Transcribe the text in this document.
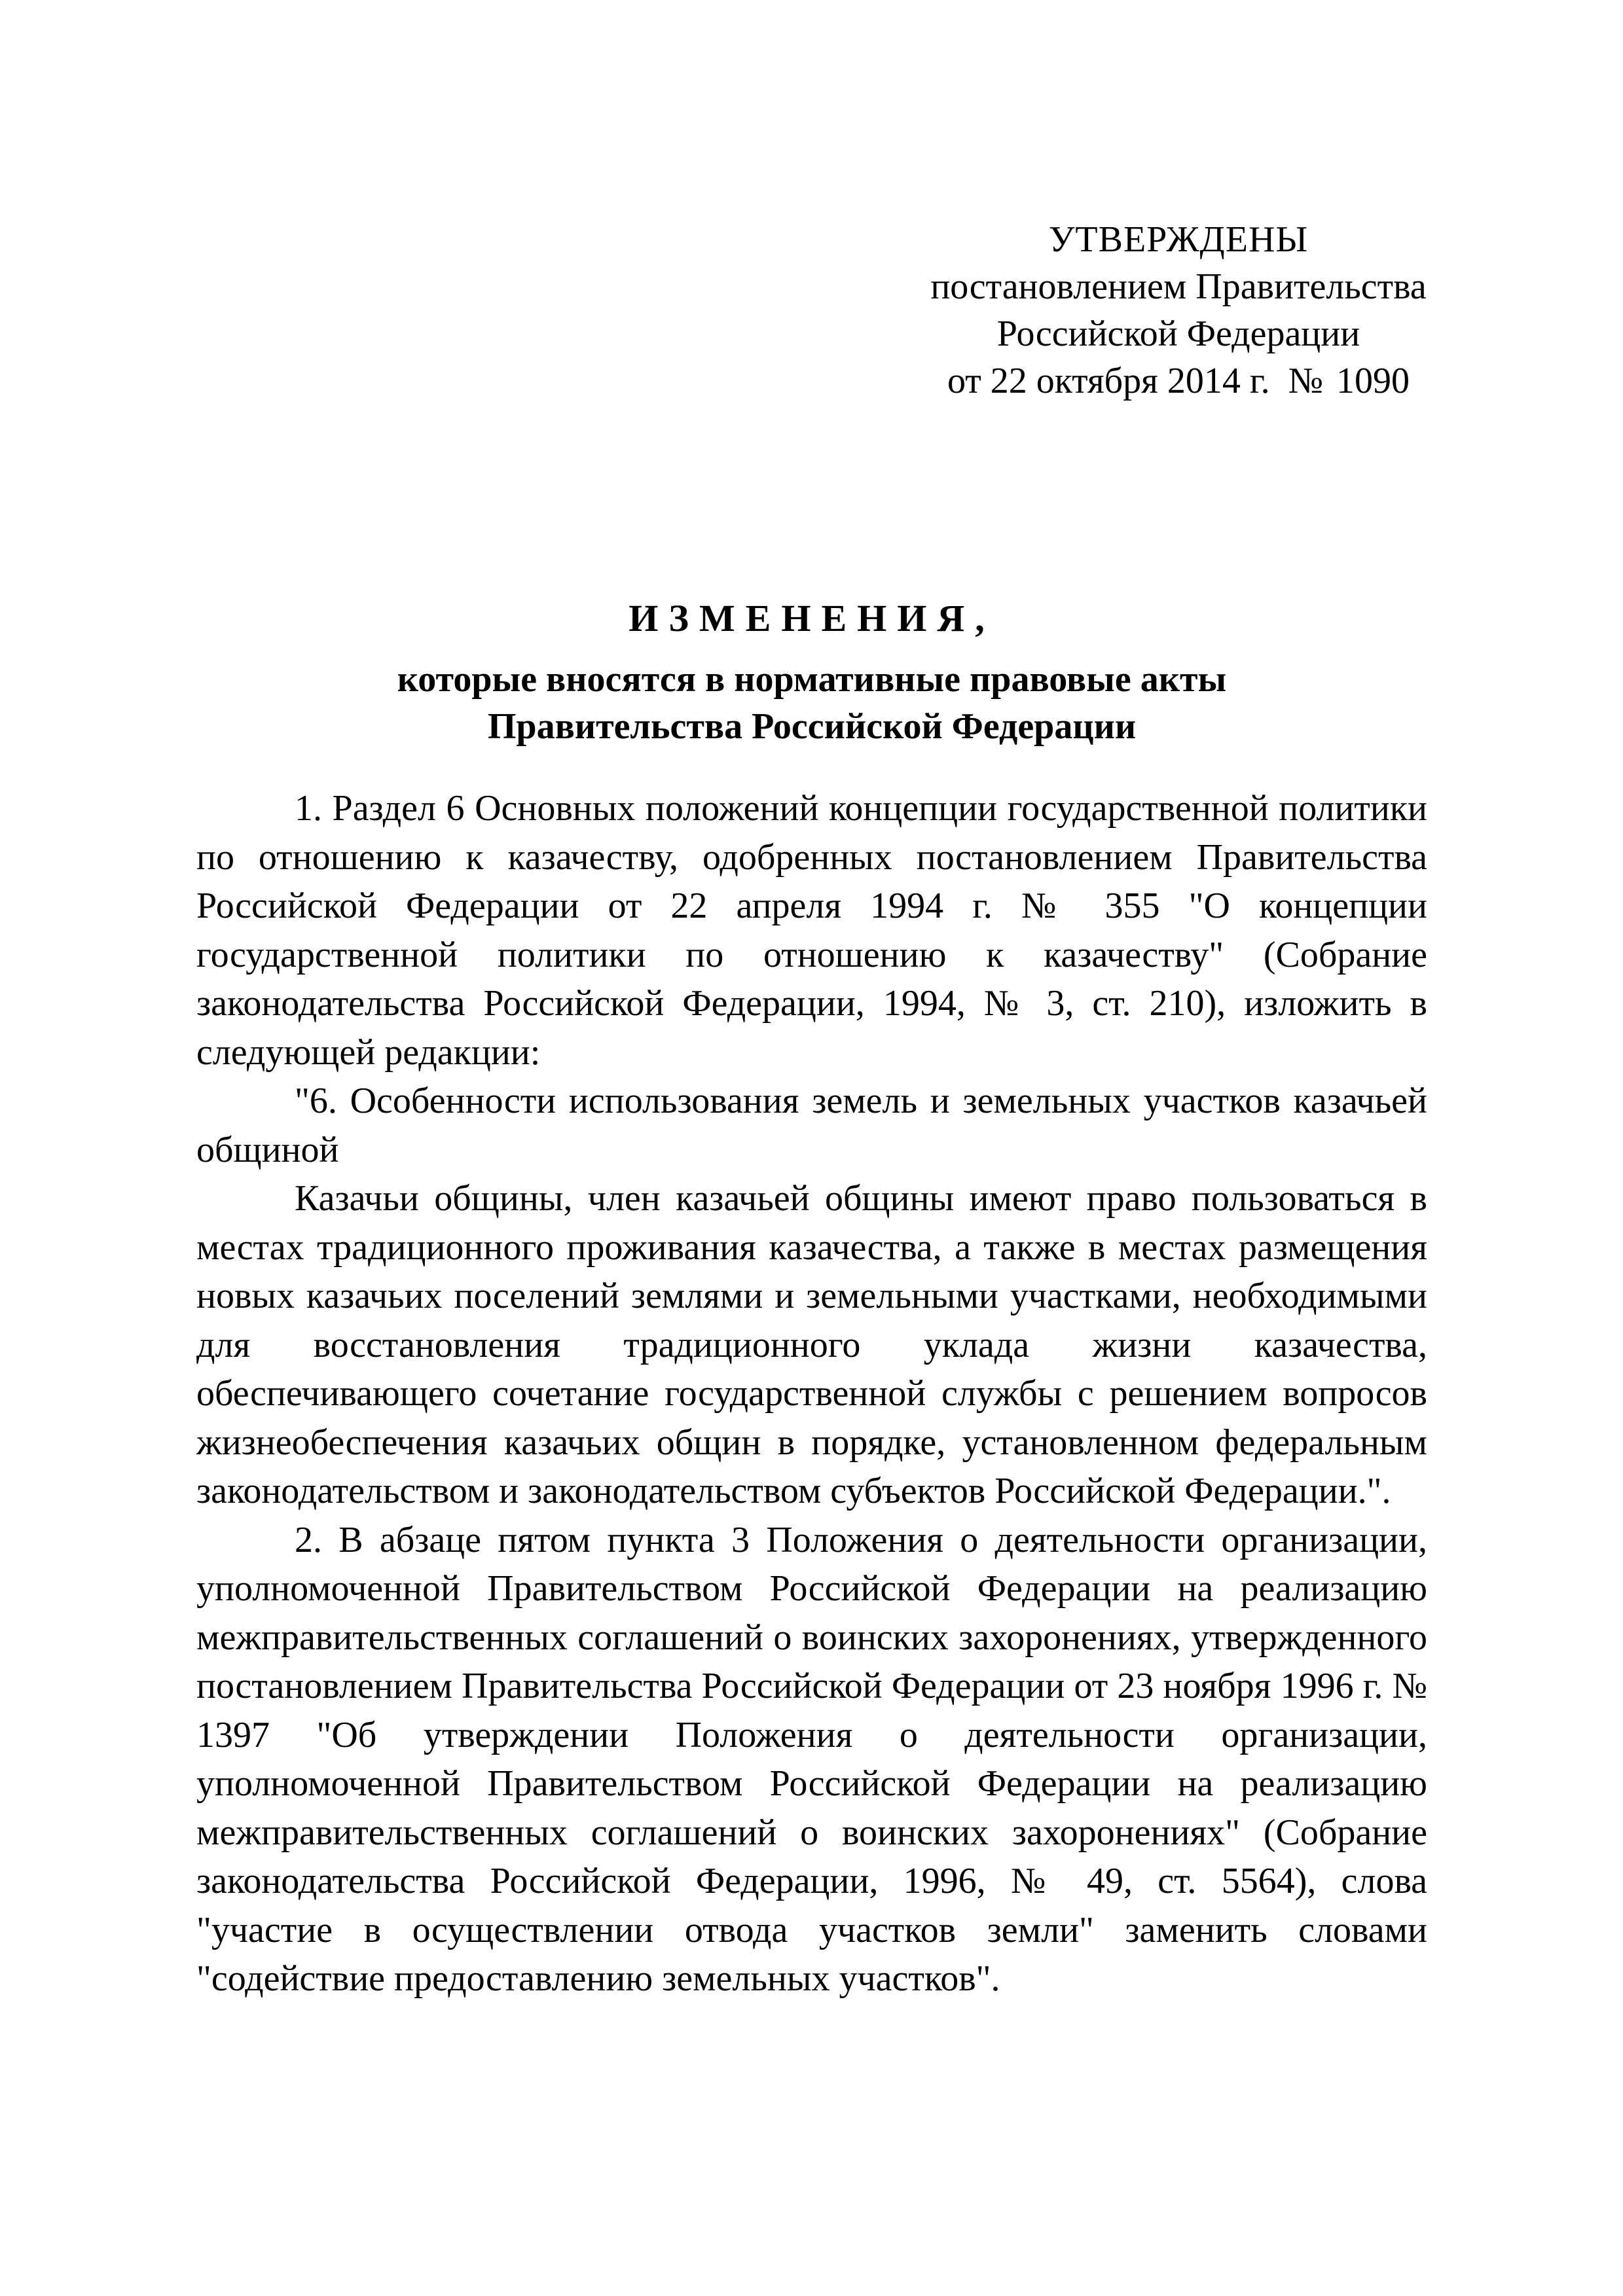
УТВЕРЖДЕНЫ
постановлением Правительства
Российской Федерации
от 22 октября 2014 г. № 1090
ИЗМЕНЕНИЯ,
которые вносятся в нормативные правовые акты
Правительства Российской Федерации

1. Раздел 6 Основных положений концепции государственной политики по отношению к казачеству, одобренных постановлением Правительства Российской Федерации от 22 апреля 1994 г. № 355 "О концепции государственной политики по отношению к казачеству" (Собрание законодательства Российской Федерации, 1994, № 3, ст. 210), изложить в следующей редакции:

"6. Особенности использования земель и земельных участков казачьей общиной

Казачьи общины, член казачьей общины имеют право пользоваться в местах традиционного проживания казачества, а также в местах размещения новых казачьих поселений землями и земельными участками, необходимыми для восстановления традиционного уклада жизни казачества, обеспечивающего сочетание государственной службы с решением вопросов жизнеобеспечения казачьих общин в порядке, установленном федеральным законодательством и законодательством субъектов Российской Федерации.".

2. В абзаце пятом пункта 3 Положения о деятельности организации, уполномоченной Правительством Российской Федерации на реализацию межправительственных соглашений о воинских захоронениях, утвержденного постановлением Правительства Российской Федерации от 23 ноября 1996 г. № 1397 "Об утверждении Положения о деятельности организации, уполномоченной Правительством Российской Федерации на реализацию межправительственных соглашений о воинских захоронениях" (Собрание законодательства Российской Федерации, 1996, № 49, ст. 5564), слова "участие в осуществлении отвода участков земли" заменить словами "содействие предоставлению земельных участков".
